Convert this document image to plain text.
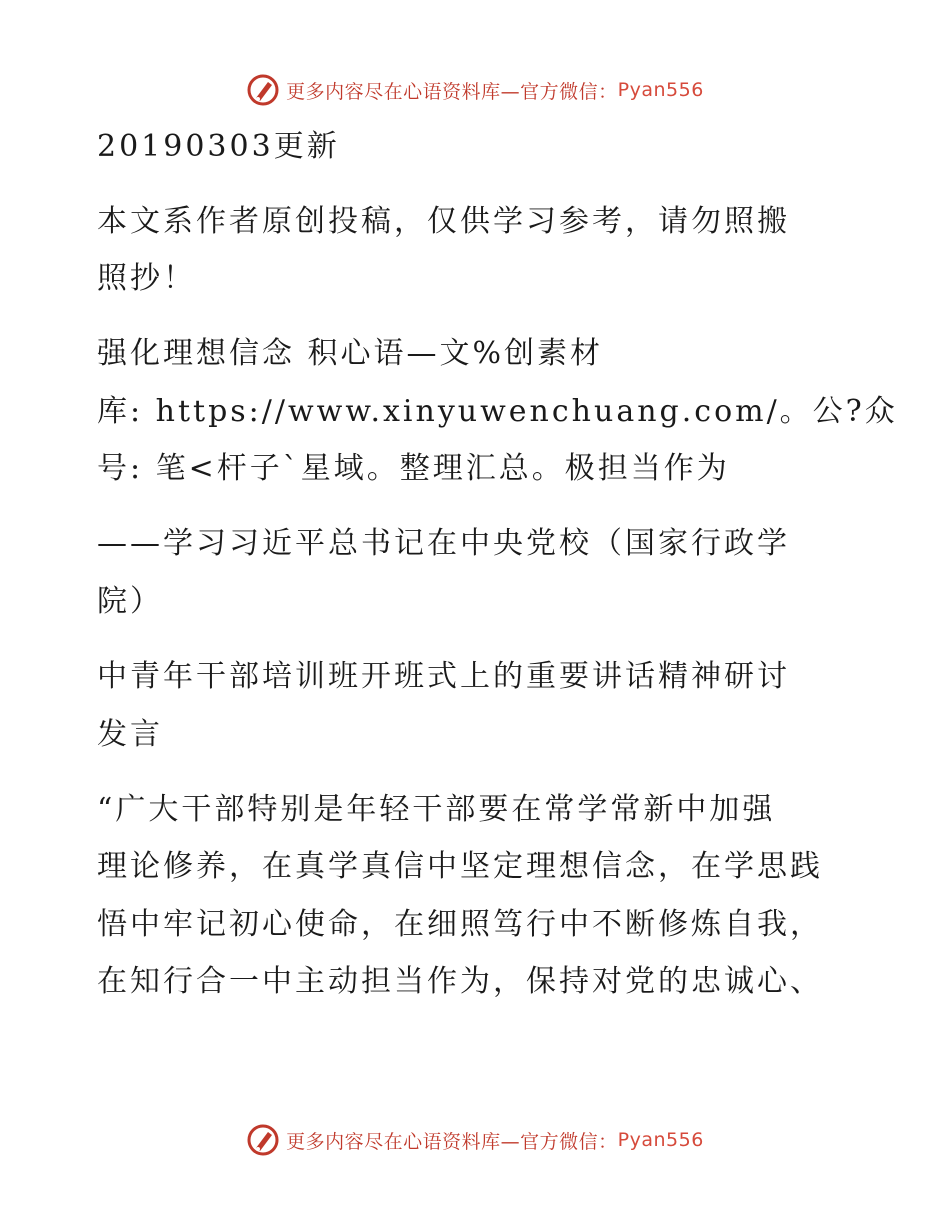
更多内容尽在心语资料库—官方微信： Pyan556
20190303更新
本文系作者原创投稿，仅供学习参考，请勿照搬
照抄！
强化理想信念 积心语—文%创素材
库: https://www.xinyuwenchuang.com/。公?众
号: 笔<杆子`星域。整理汇总。极担当作为
——学习习近平总书记在中央党校（国家行政学
院）
中青年干部培训班开班式上的重要讲话精神研讨
发言
“广大干部特别是年轻干部要在常学常新中加强
理论修养，在真学真信中坚定理想信念，在学思践
悟中牢记初心使命，在细照笃行中不断修炼自我，
在知行合一中主动担当作为，保持对党的忠诚心、
更多内容尽在心语资料库—官方微信： Pyan556
